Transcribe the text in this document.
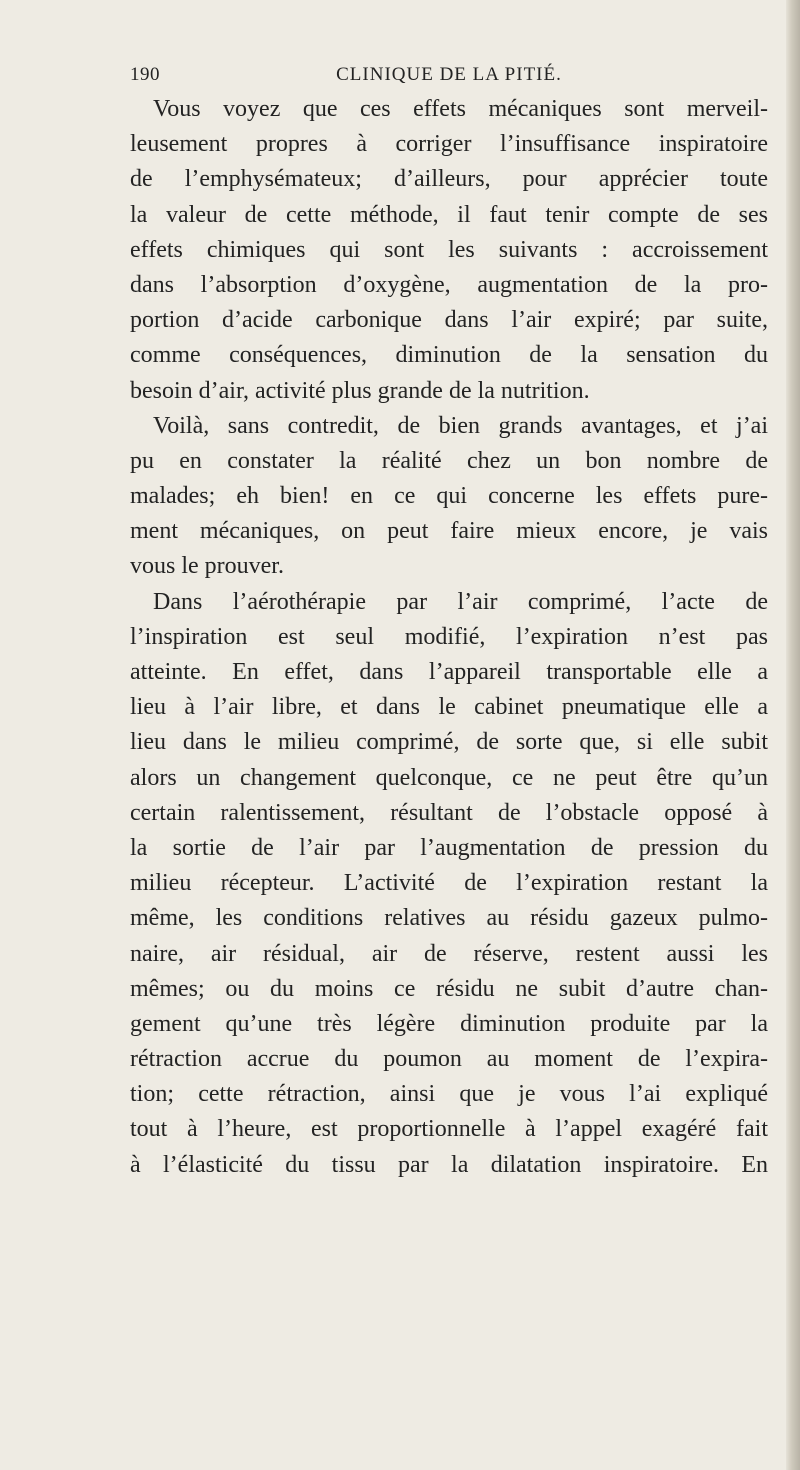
190	CLINIQUE DE LA PITIÉ.
Vous voyez que ces effets mécaniques sont merveil-
leusement propres à corriger l’insuffisance inspiratoire
de l’emphysémateux; d’ailleurs, pour apprécier toute
la valeur de cette méthode, il faut tenir compte de ses
effets chimiques qui sont les suivants : accroissement
dans l’absorption d’oxygène, augmentation de la pro-
portion d’acide carbonique dans l’air expiré; par suite,
comme conséquences, diminution de la sensation du
besoin d’air, activité plus grande de la nutrition.
Voilà, sans contredit, de bien grands avantages, et j’ai
pu en constater la réalité chez un bon nombre de
malades; eh bien! en ce qui concerne les effets pure-
ment mécaniques, on peut faire mieux encore, je vais
vous le prouver.
Dans l’aérothérapie par l’air comprimé, l’acte de
l’inspiration est seul modifié, l’expiration n’est pas
atteinte. En effet, dans l’appareil transportable elle a
lieu à l’air libre, et dans le cabinet pneumatique elle a
lieu dans le milieu comprimé, de sorte que, si elle subit
alors un changement quelconque, ce ne peut être qu’un
certain ralentissement, résultant de l’obstacle opposé à
la sortie de l’air par l’augmentation de pression du
milieu récepteur. L’activité de l’expiration restant la
même, les conditions relatives au résidu gazeux pulmo-
naire, air résidual, air de réserve, restent aussi les
mêmes; ou du moins ce résidu ne subit d’autre chan-
gement qu’une très légère diminution produite par la
rétraction accrue du poumon au moment de l’expira-
tion; cette rétraction, ainsi que je vous l’ai expliqué
tout à l’heure, est proportionnelle à l’appel exagéré fait
à l’élasticité du tissu par la dilatation inspiratoire. En
